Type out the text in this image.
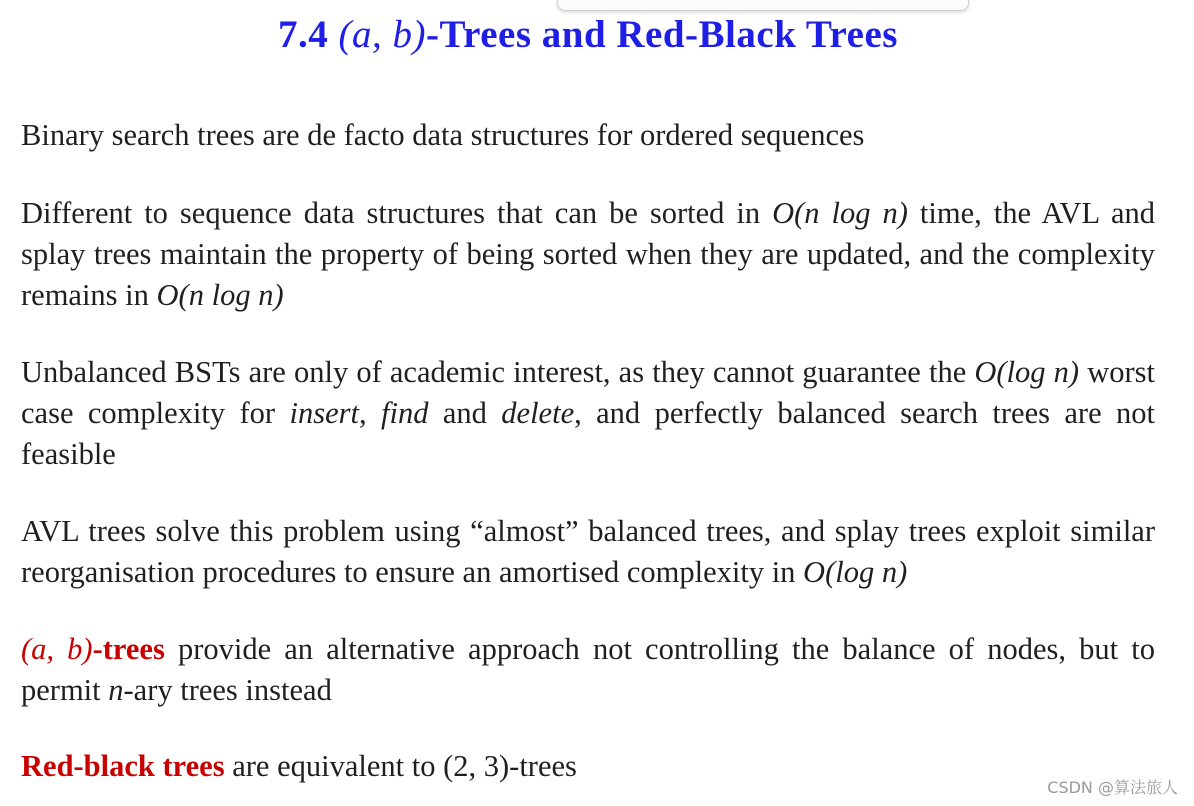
7.4 (a, b)-Trees and Red-Black Trees

Binary search trees are de facto data structures for ordered sequences

Different to sequence data structures that can be sorted in O(n log n) time, the AVL and splay trees maintain the property of being sorted when they are updated, and the complexity remains in O(n log n)

Unbalanced BSTs are only of academic interest, as they cannot guarantee the O(log n) worst case complexity for insert, find and delete, and perfectly balanced search trees are not feasible

AVL trees solve this problem using “almost” balanced trees, and splay trees exploit similar reorganisation procedures to ensure an amortised complexity in O(log n)

(a, b)-trees provide an alternative approach not controlling the balance of nodes, but to permit n-ary trees instead

Red-black trees are equivalent to (2, 3)-trees

CSDN @算法旅人
